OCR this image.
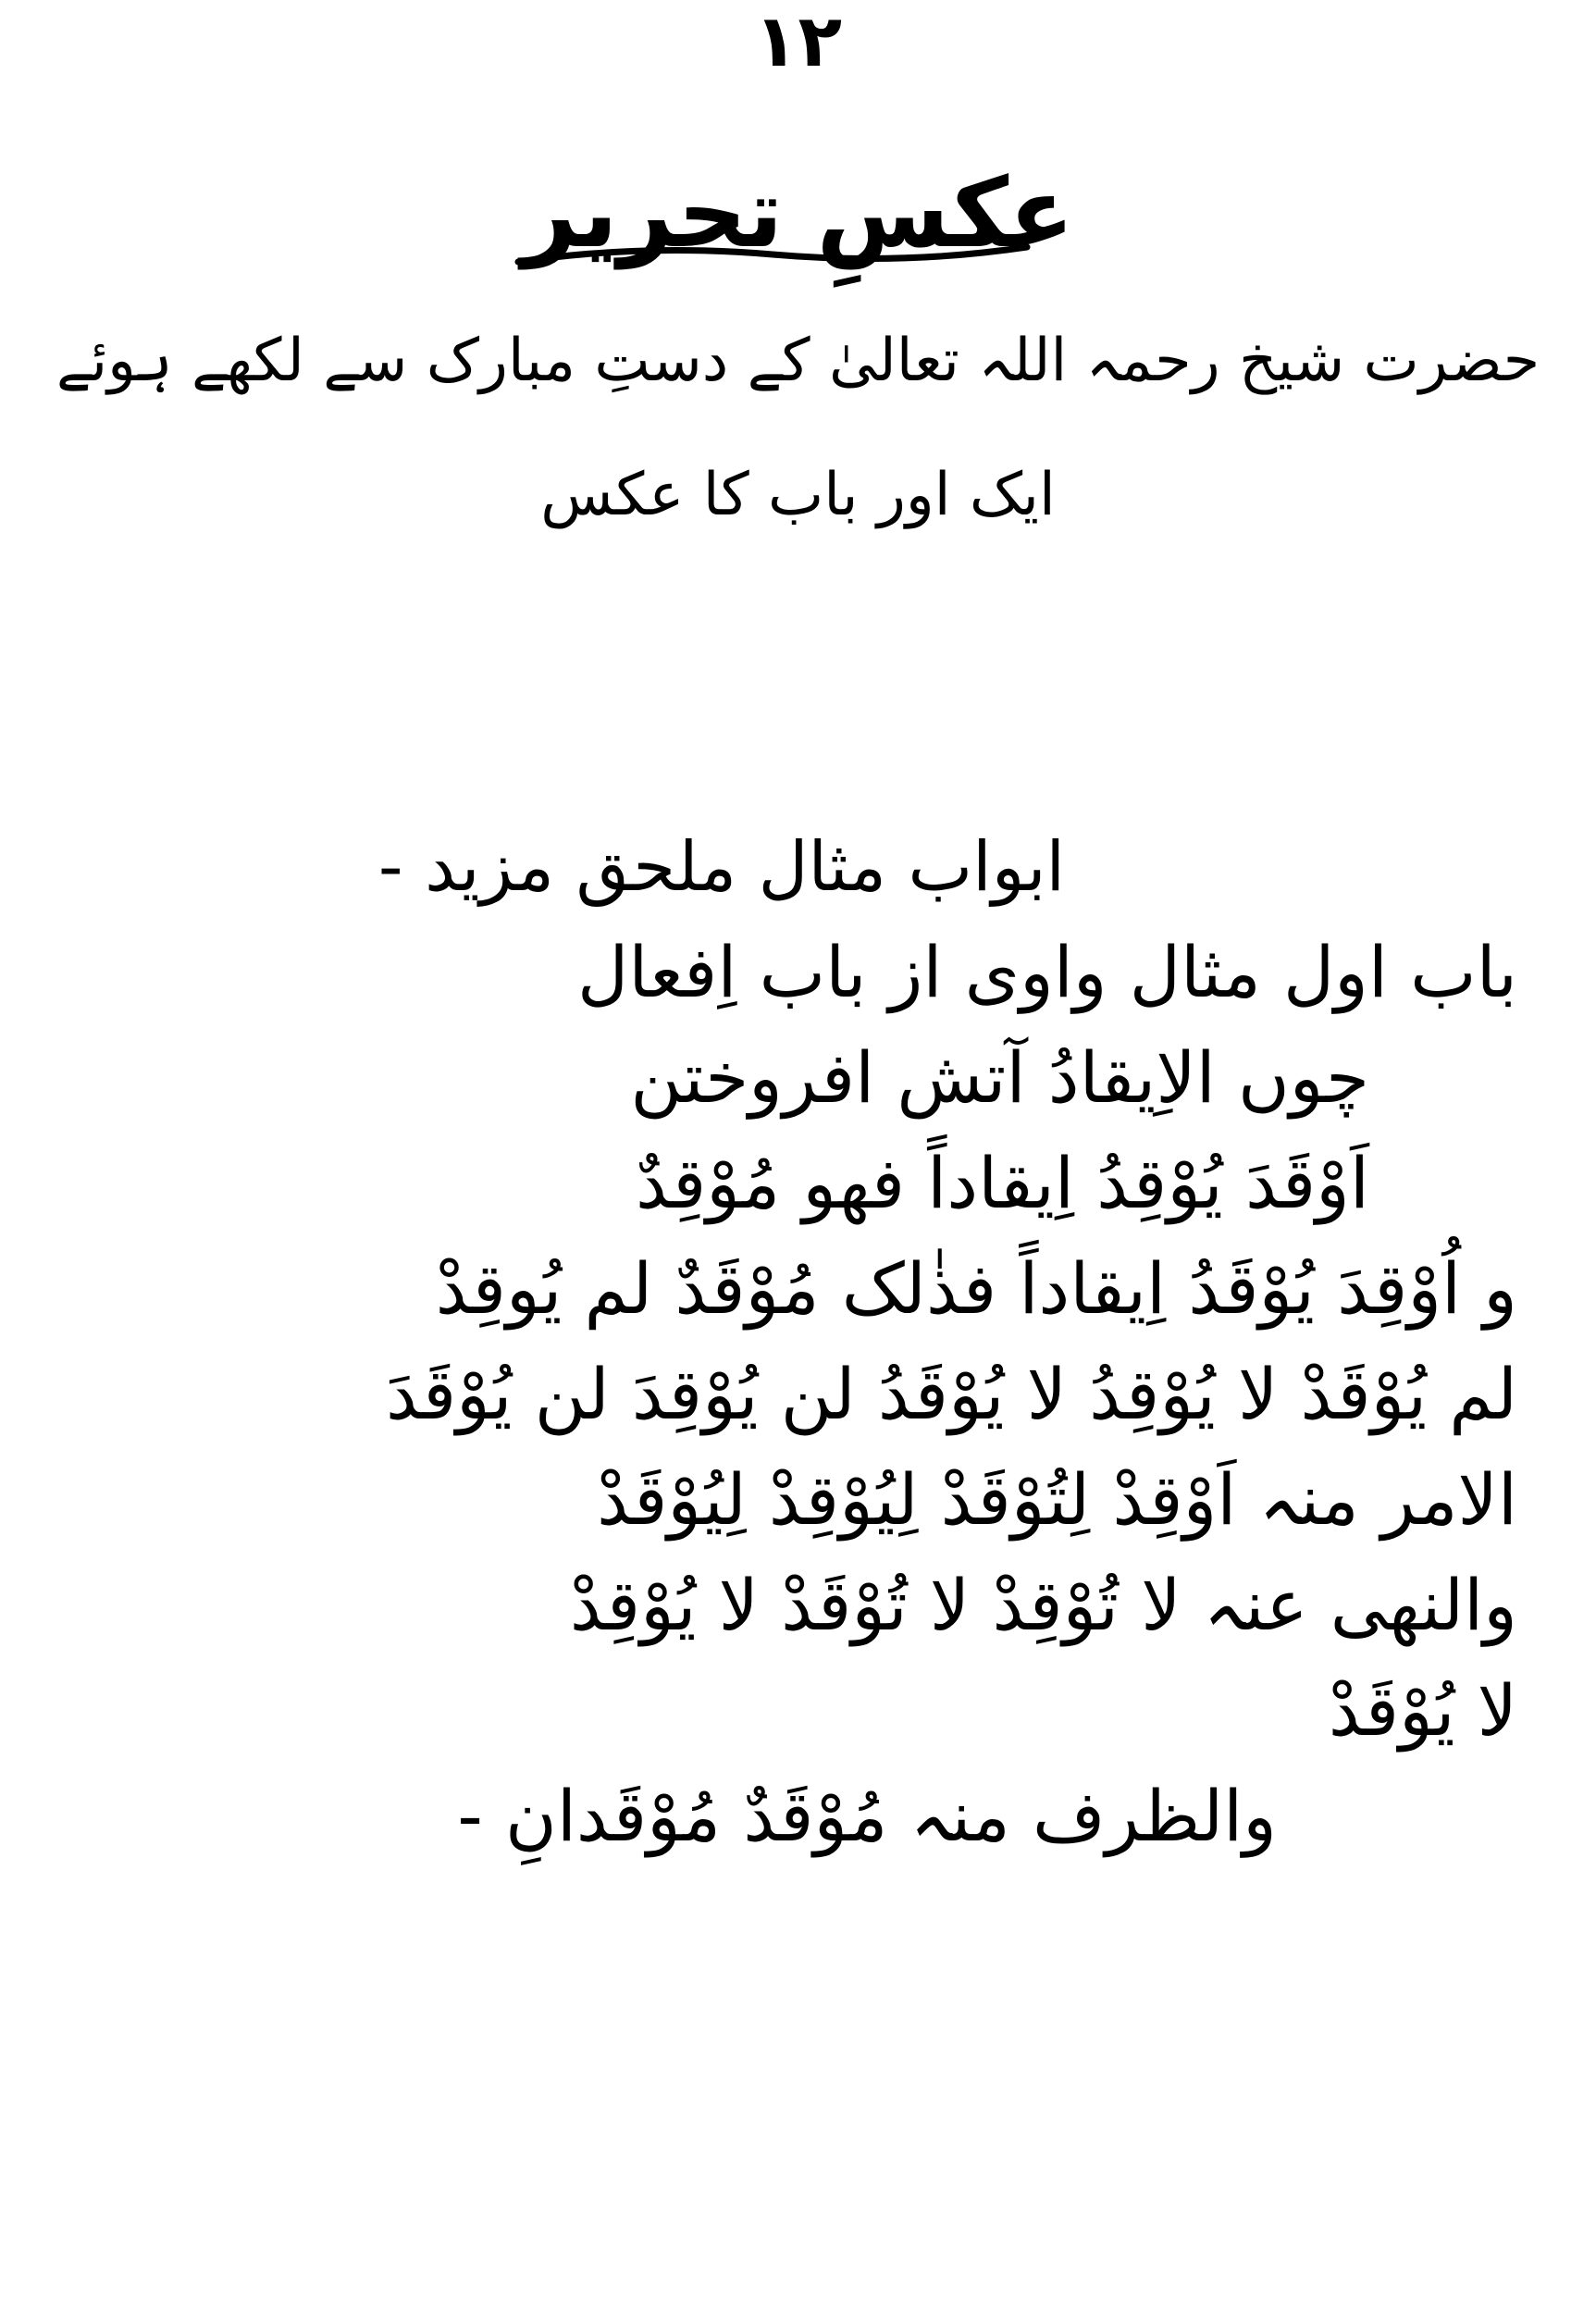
١٢
عکسِ تحریر
حضرت شیخ رحمہ اللہ تعالیٰ کے دستِ مبارک سے لکھے ہوئے
ایک اور باب کا عکس
ابواب مثال ملحق مزید -
باب اول مثال واوی از باب اِفعال
چوں الاِیقادُ آتش افروختن
اَوْقَدَ یُوْقِدُ اِیقاداً فھو مُوْقِدٌ
و اُوْقِدَ یُوْقَدُ اِیقاداً فذٰلک مُوْقَدٌ لم یُوقِدْ
لم یُوْقَدْ لا یُوْقِدُ لا یُوْقَدُ لن یُوْقِدَ لن یُوْقَدَ
الامر منہ اَوْقِدْ لِتُوْقَدْ لِیُوْقِدْ لِیُوْقَدْ
والنھی عنہ لا تُوْقِدْ لا تُوْقَدْ لا یُوْقِدْ
لا یُوْقَدْ
والظرف منہ مُوْقَدٌ مُوْقَدانِ -
